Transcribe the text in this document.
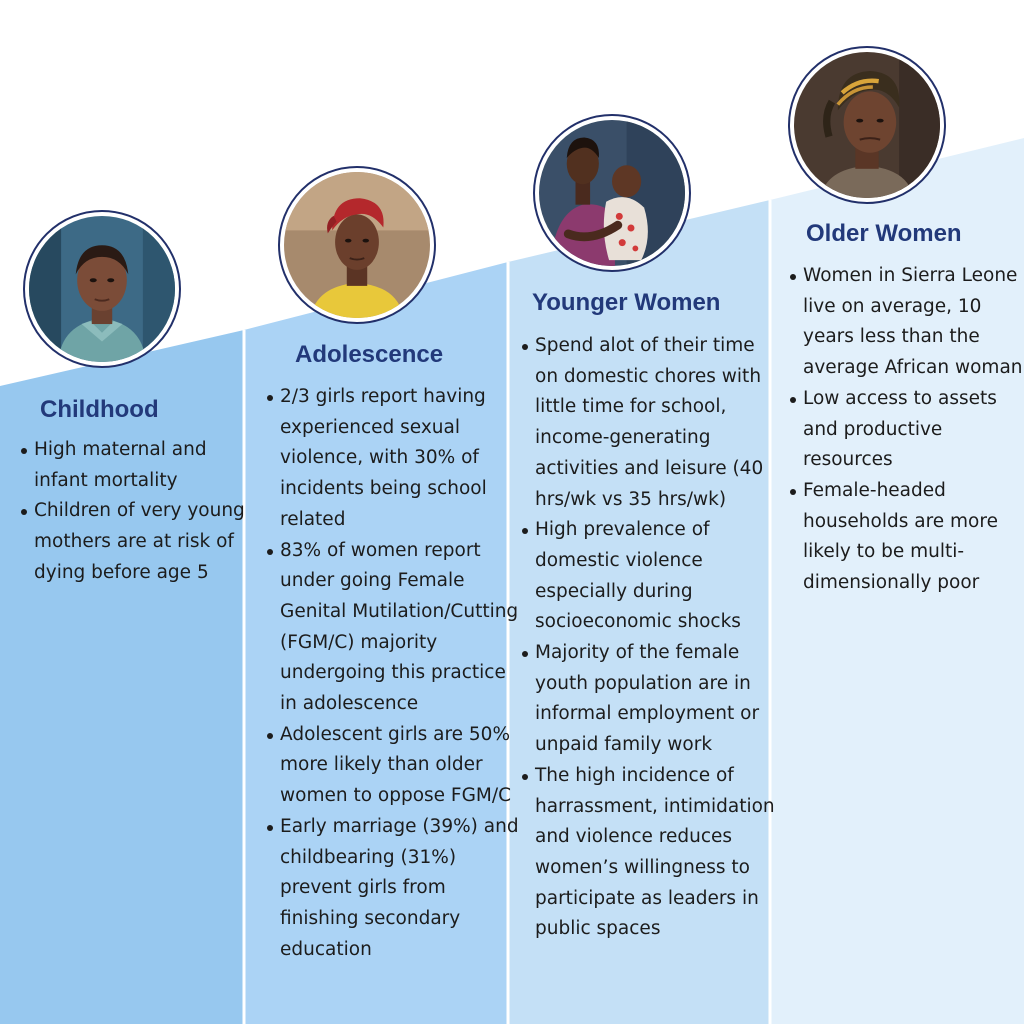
Childhood
High maternal and infant mortality
Children of very young mothers are at risk of dying before age 5
Adolescence
2/3 girls report having experienced sexual violence, with 30% of incidents being school related
83% of women report under going Female Genital Mutilation/Cutting (FGM/C) majority undergoing this practice in adolescence
Adolescent girls are 50% more likely than older women to oppose FGM/C
Early marriage (39%) and childbearing (31%) prevent girls from finishing secondary education
Younger Women
Spend alot of their time on domestic chores with little time for school, income-generating activities and leisure (40 hrs/wk vs 35 hrs/wk)
High prevalence of domestic violence especially during socioeconomic shocks
Majority of the female youth population are in informal employment or unpaid family work
The high incidence of harrassment, intimidation and violence reduces women’s willingness to participate as leaders in public spaces
Older Women
Women in Sierra Leone live on average, 10 years less than the average African woman
Low access to assets and productive resources
Female-headed households are more likely to be multi-dimensionally poor
